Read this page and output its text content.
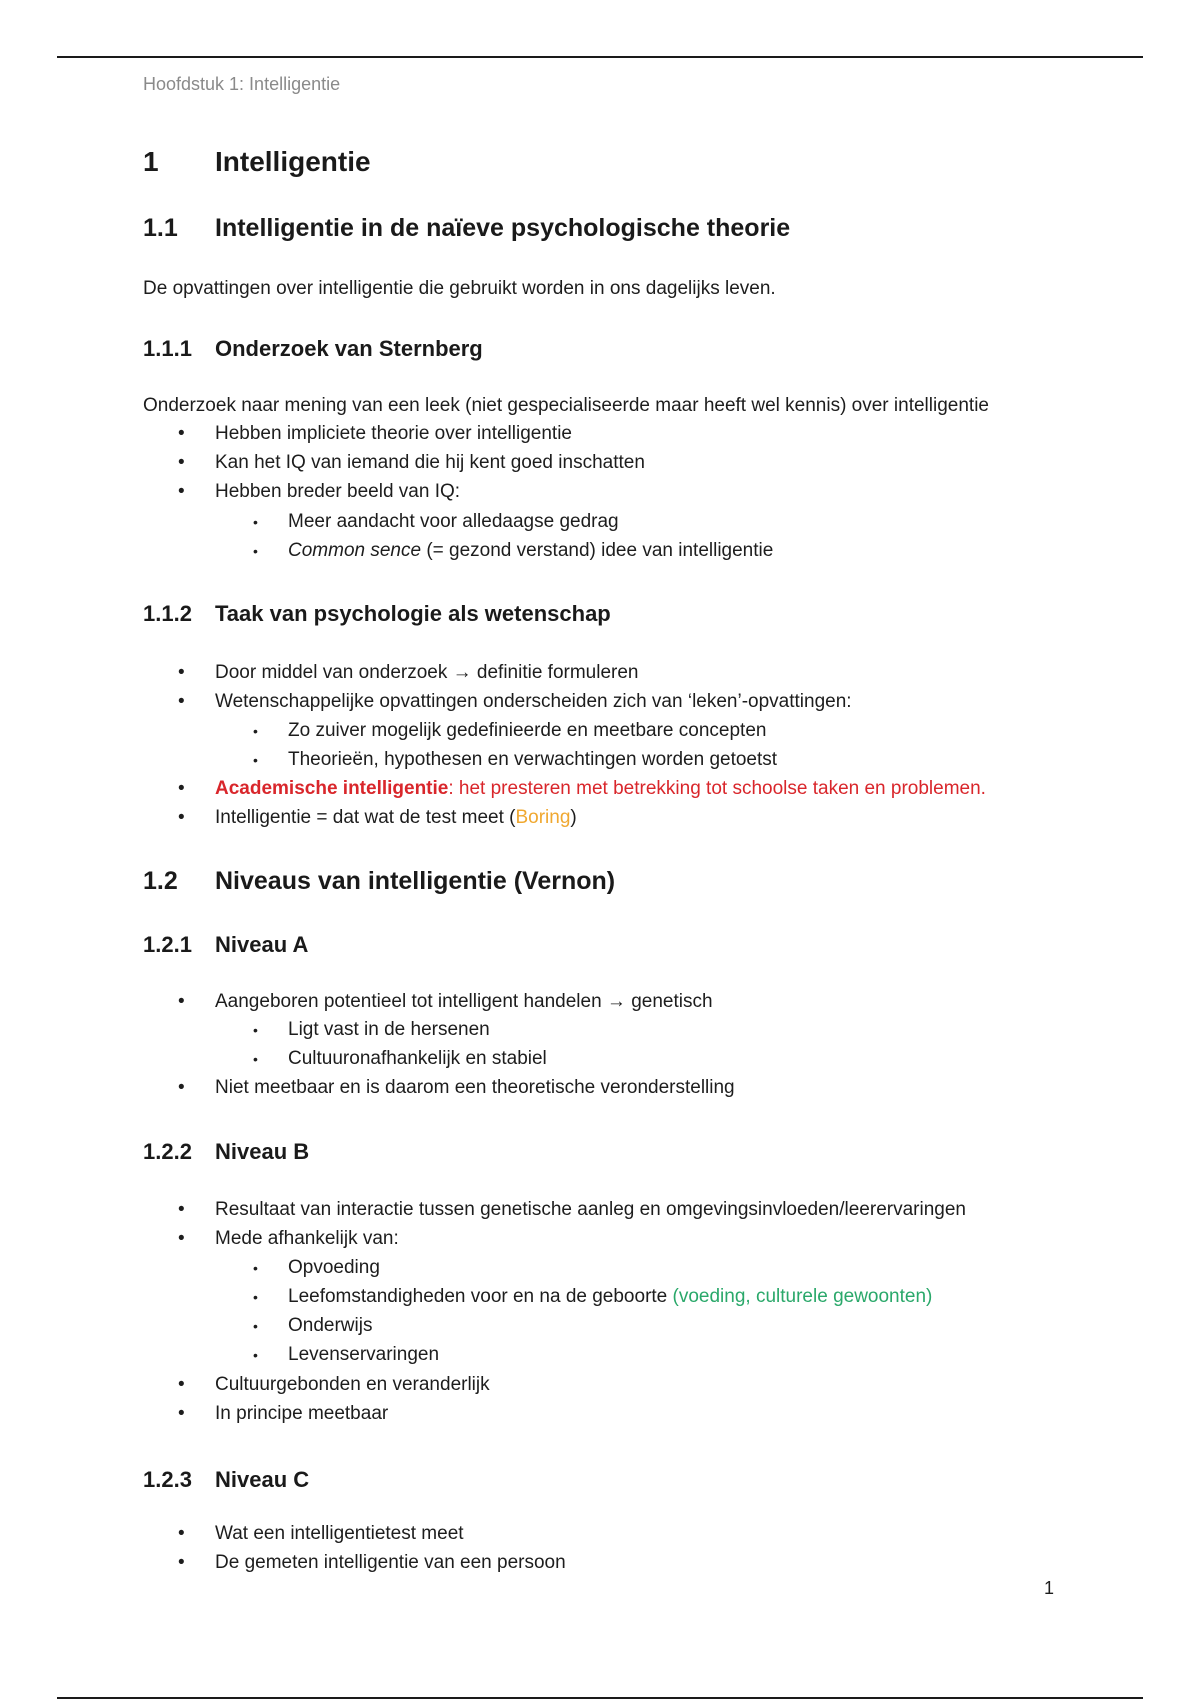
Hoofdstuk 1: Intelligentie
1 Intelligentie
1.1 Intelligentie in de naïeve psychologische theorie
De opvattingen over intelligentie die gebruikt worden in ons dagelijks leven.
1.1.1 Onderzoek van Sternberg
Onderzoek naar mening van een leek (niet gespecialiseerde maar heeft wel kennis) over intelligentie
• Hebben impliciete theorie over intelligentie
• Kan het IQ van iemand die hij kent goed inschatten
• Hebben breder beeld van IQ:
• Meer aandacht voor alledaagse gedrag
• Common sence (= gezond verstand) idee van intelligentie
1.1.2 Taak van psychologie als wetenschap
• Door middel van onderzoek → definitie formuleren
• Wetenschappelijke opvattingen onderscheiden zich van ‘leken’-opvattingen:
• Zo zuiver mogelijk gedefinieerde en meetbare concepten
• Theorieën, hypothesen en verwachtingen worden getoetst
• Academische intelligentie: het presteren met betrekking tot schoolse taken en problemen.
• Intelligentie = dat wat de test meet (Boring)
1.2 Niveaus van intelligentie (Vernon)
1.2.1 Niveau A
• Aangeboren potentieel tot intelligent handelen → genetisch
• Ligt vast in de hersenen
• Cultuuronafhankelijk en stabiel
• Niet meetbaar en is daarom een theoretische veronderstelling
1.2.2 Niveau B
• Resultaat van interactie tussen genetische aanleg en omgevingsinvloeden/leerervaringen
• Mede afhankelijk van:
• Opvoeding
• Leefomstandigheden voor en na de geboorte (voeding, culturele gewoonten)
• Onderwijs
• Levenservaringen
• Cultuurgebonden en veranderlijk
• In principe meetbaar
1.2.3 Niveau C
• Wat een intelligentietest meet
• De gemeten intelligentie van een persoon
1
